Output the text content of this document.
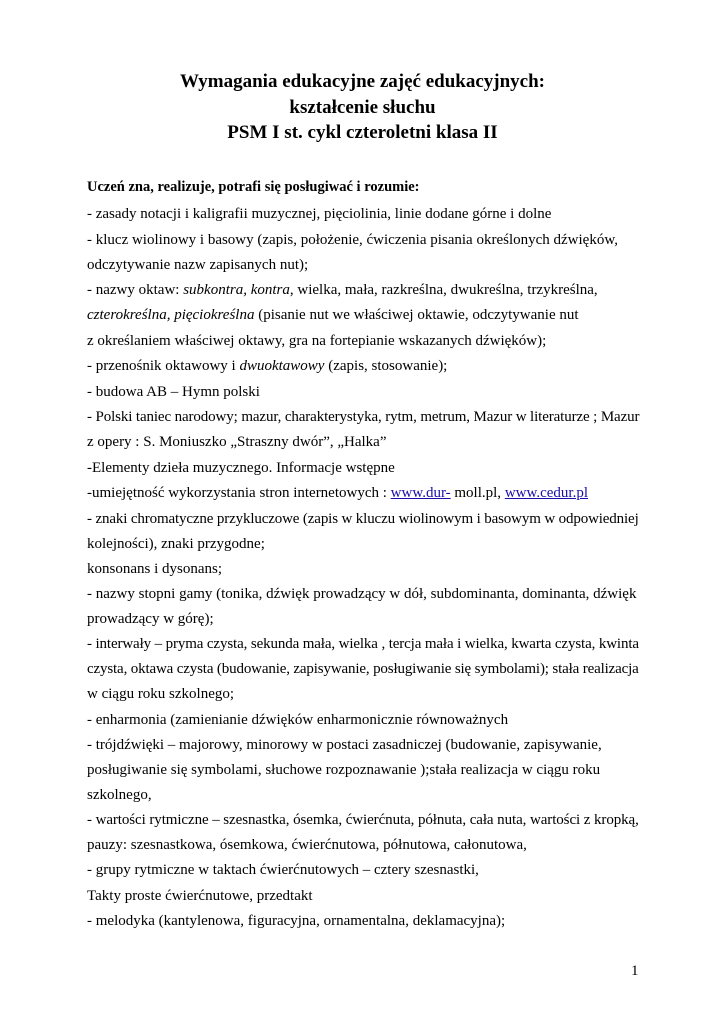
Wymagania edukacyjne zajęć edukacyjnych:
kształcenie słuchu
PSM I st. cykl czteroletni klasa II
Uczeń zna, realizuje, potrafi się posługiwać i rozumie:
- zasady notacji i kaligrafii muzycznej, pięciolinia, linie dodane górne i dolne
- klucz wiolinowy i basowy (zapis, położenie, ćwiczenia pisania określonych dźwięków,
odczytywanie nazw zapisanych nut);
- nazwy oktaw: subkontra, kontra, wielka, mała, razkreślna, dwukreślna, trzykreślna,
czterokreślna, pięciokreślna (pisanie nut we właściwej oktawie, odczytywanie nut
z określaniem właściwej oktawy, gra na fortepianie wskazanych dźwięków);
- przenośnik oktawowy i dwuoktawowy (zapis, stosowanie);
- budowa AB – Hymn polski
- Polski taniec narodowy; mazur, charakterystyka, rytm, metrum, Mazur w literaturze ; Mazur
z opery : S. Moniuszko „Straszny dwór”, „Halka”
-Elementy dzieła muzycznego. Informacje wstępne
-umiejętność wykorzystania stron internetowych : www.dur- moll.pl, www.cedur.pl
- znaki chromatyczne przykluczowe (zapis w kluczu wiolinowym i basowym w odpowiedniej
kolejności), znaki przygodne;
konsonans i dysonans;
- nazwy stopni gamy (tonika, dźwięk prowadzący w dół, subdominanta, dominanta, dźwięk
prowadzący w górę);
- interwały – pryma czysta, sekunda mała, wielka , tercja mała i wielka, kwarta czysta, kwinta
czysta, oktawa czysta (budowanie, zapisywanie, posługiwanie się symbolami); stała realizacja
w ciągu roku szkolnego;
- enharmonia (zamienianie dźwięków enharmonicznie równoważnych
- trójdźwięki – majorowy, minorowy w postaci zasadniczej (budowanie, zapisywanie,
posługiwanie się symbolami, słuchowe rozpoznawanie );stała realizacja w ciągu roku
szkolnego,
- wartości rytmiczne – szesnastka, ósemka, ćwierćnuta, półnuta, cała nuta, wartości z kropką,
pauzy: szesnastkowa, ósemkowa, ćwierćnutowa, półnutowa, całonutowa,
- grupy rytmiczne w taktach ćwierćnutowych – cztery szesnastki,
Takty proste ćwierćnutowe, przedtakt
- melodyka (kantylenowa, figuracyjna, ornamentalna, deklamacyjna);
1
